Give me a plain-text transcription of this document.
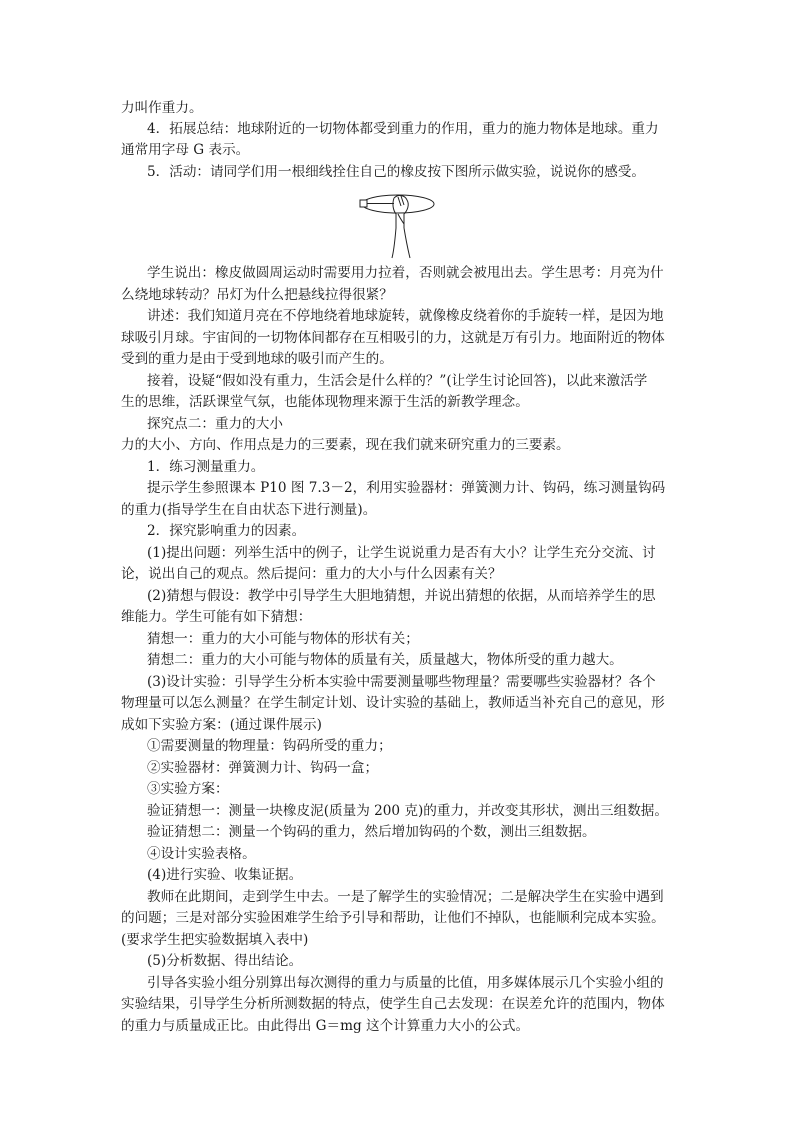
力叫作重力。
4．拓展总结：地球附近的一切物体都受到重力的作用，重力的施力物体是地球。重力
通常用字母 G 表示。
5．活动：请同学们用一根细线拴住自己的橡皮按下图所示做实验，说说你的感受。
学生说出：橡皮做圆周运动时需要用力拉着，否则就会被甩出去。学生思考：月亮为什
么绕地球转动？吊灯为什么把悬线拉得很紧？
讲述：我们知道月亮在不停地绕着地球旋转，就像橡皮绕着你的手旋转一样，是因为地
球吸引月球。宇宙间的一切物体间都存在互相吸引的力，这就是万有引力。地面附近的物体
受到的重力是由于受到地球的吸引而产生的。
接着，设疑“假如没有重力，生活会是什么样的？”(让学生讨论回答)，以此来激活学
生的思维，活跃课堂气氛，也能体现物理来源于生活的新教学理念。
探究点二：重力的大小
力的大小、方向、作用点是力的三要素，现在我们就来研究重力的三要素。
1．练习测量重力。
提示学生参照课本 P10 图 7.3－2，利用实验器材：弹簧测力计、钩码，练习测量钩码
的重力(指导学生在自由状态下进行测量)。
2．探究影响重力的因素。
(1)提出问题：列举生活中的例子，让学生说说重力是否有大小？让学生充分交流、讨
论，说出自己的观点。然后提问：重力的大小与什么因素有关？
(2)猜想与假设：教学中引导学生大胆地猜想，并说出猜想的依据，从而培养学生的思
维能力。学生可能有如下猜想：
猜想一：重力的大小可能与物体的形状有关；
猜想二：重力的大小可能与物体的质量有关，质量越大，物体所受的重力越大。
(3)设计实验：引导学生分析本实验中需要测量哪些物理量？需要哪些实验器材？各个
物理量可以怎么测量？在学生制定计划、设计实验的基础上，教师适当补充自己的意见，形
成如下实验方案：(通过课件展示)
①需要测量的物理量：钩码所受的重力；
②实验器材：弹簧测力计、钩码一盒；
③实验方案：
验证猜想一：测量一块橡皮泥(质量为 200 克)的重力，并改变其形状，测出三组数据。
验证猜想二：测量一个钩码的重力，然后增加钩码的个数，测出三组数据。
④设计实验表格。
(4)进行实验、收集证据。
教师在此期间，走到学生中去。一是了解学生的实验情况；二是解决学生在实验中遇到
的问题；三是对部分实验困难学生给予引导和帮助，让他们不掉队，也能顺利完成本实验。
(要求学生把实验数据填入表中)
(5)分析数据、得出结论。
引导各实验小组分别算出每次测得的重力与质量的比值，用多媒体展示几个实验小组的
实验结果，引导学生分析所测数据的特点，使学生自己去发现：在误差允许的范围内，物体
的重力与质量成正比。由此得出 G＝mg 这个计算重力大小的公式。
